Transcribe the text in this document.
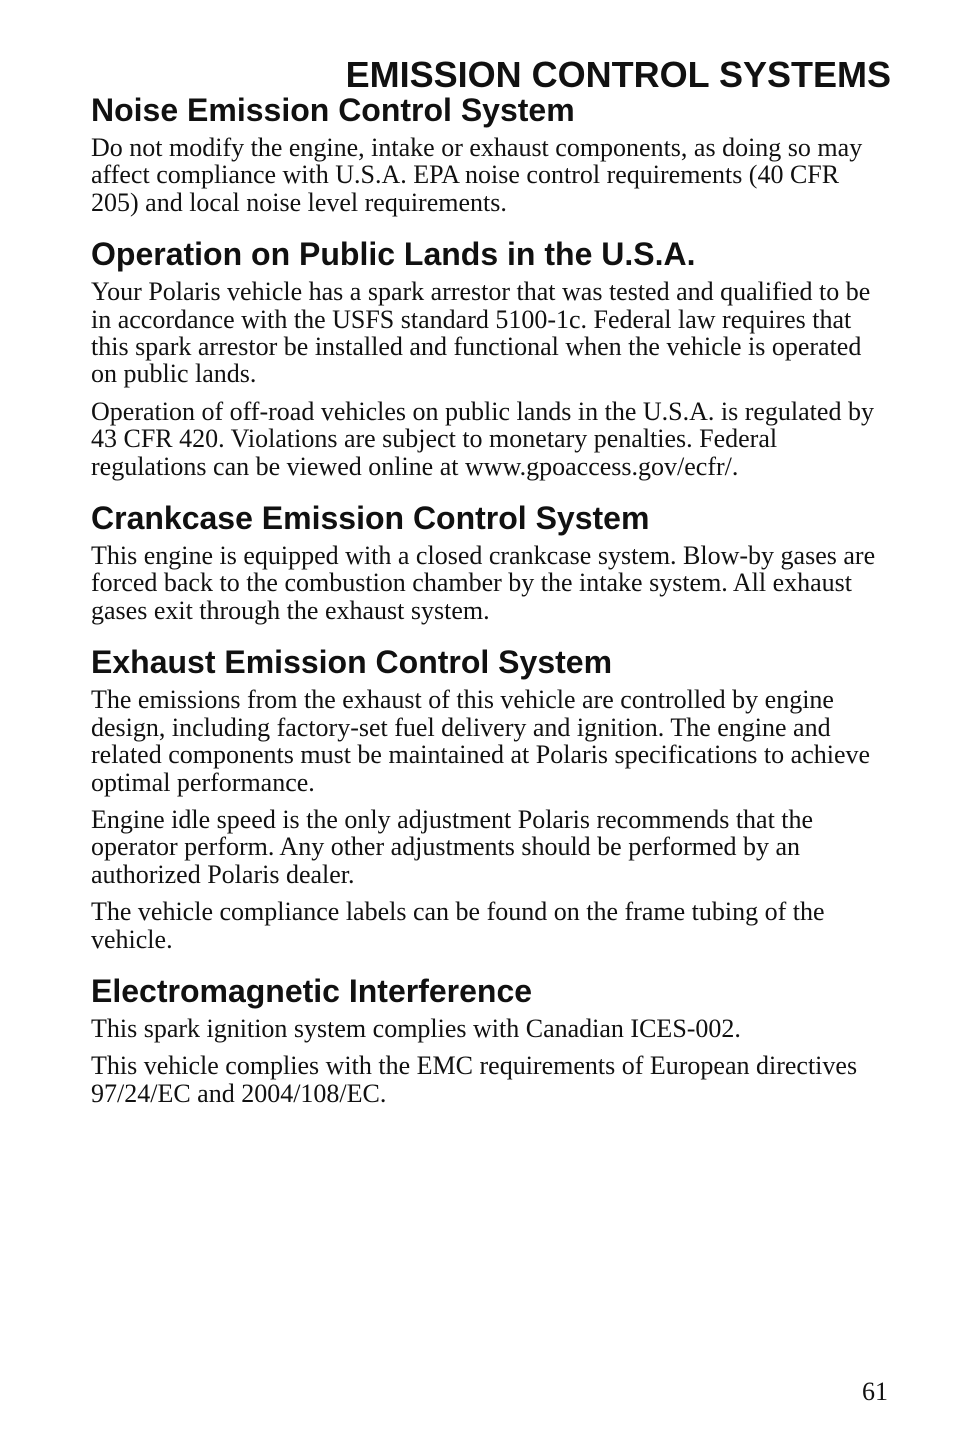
EMISSION CONTROL SYSTEMS
Noise Emission Control System

Do not modify the engine, intake or exhaust components, as doing so may affect compliance with U.S.A. EPA noise control requirements (40 CFR 205) and local noise level requirements.

Operation on Public Lands in the U.S.A.

Your Polaris vehicle has a spark arrestor that was tested and qualified to be in accordance with the USFS standard 5100-1c. Federal law requires that this spark arrestor be installed and functional when the vehicle is operated on public lands.

Operation of off-road vehicles on public lands in the U.S.A. is regulated by 43 CFR 420. Violations are subject to monetary penalties. Federal regulations can be viewed online at www.gpoaccess.gov/ecfr/.

Crankcase Emission Control System

This engine is equipped with a closed crankcase system. Blow-by gases are forced back to the combustion chamber by the intake system. All exhaust gases exit through the exhaust system.

Exhaust Emission Control System

The emissions from the exhaust of this vehicle are controlled by engine design, including factory-set fuel delivery and ignition. The engine and related components must be maintained at Polaris specifications to achieve optimal performance.

Engine idle speed is the only adjustment Polaris recommends that the operator perform. Any other adjustments should be performed by an authorized Polaris dealer.

The vehicle compliance labels can be found on the frame tubing of the vehicle.

Electromagnetic Interference

This spark ignition system complies with Canadian ICES-002.

This vehicle complies with the EMC requirements of European directives 97/24/EC and 2004/108/EC.

61
